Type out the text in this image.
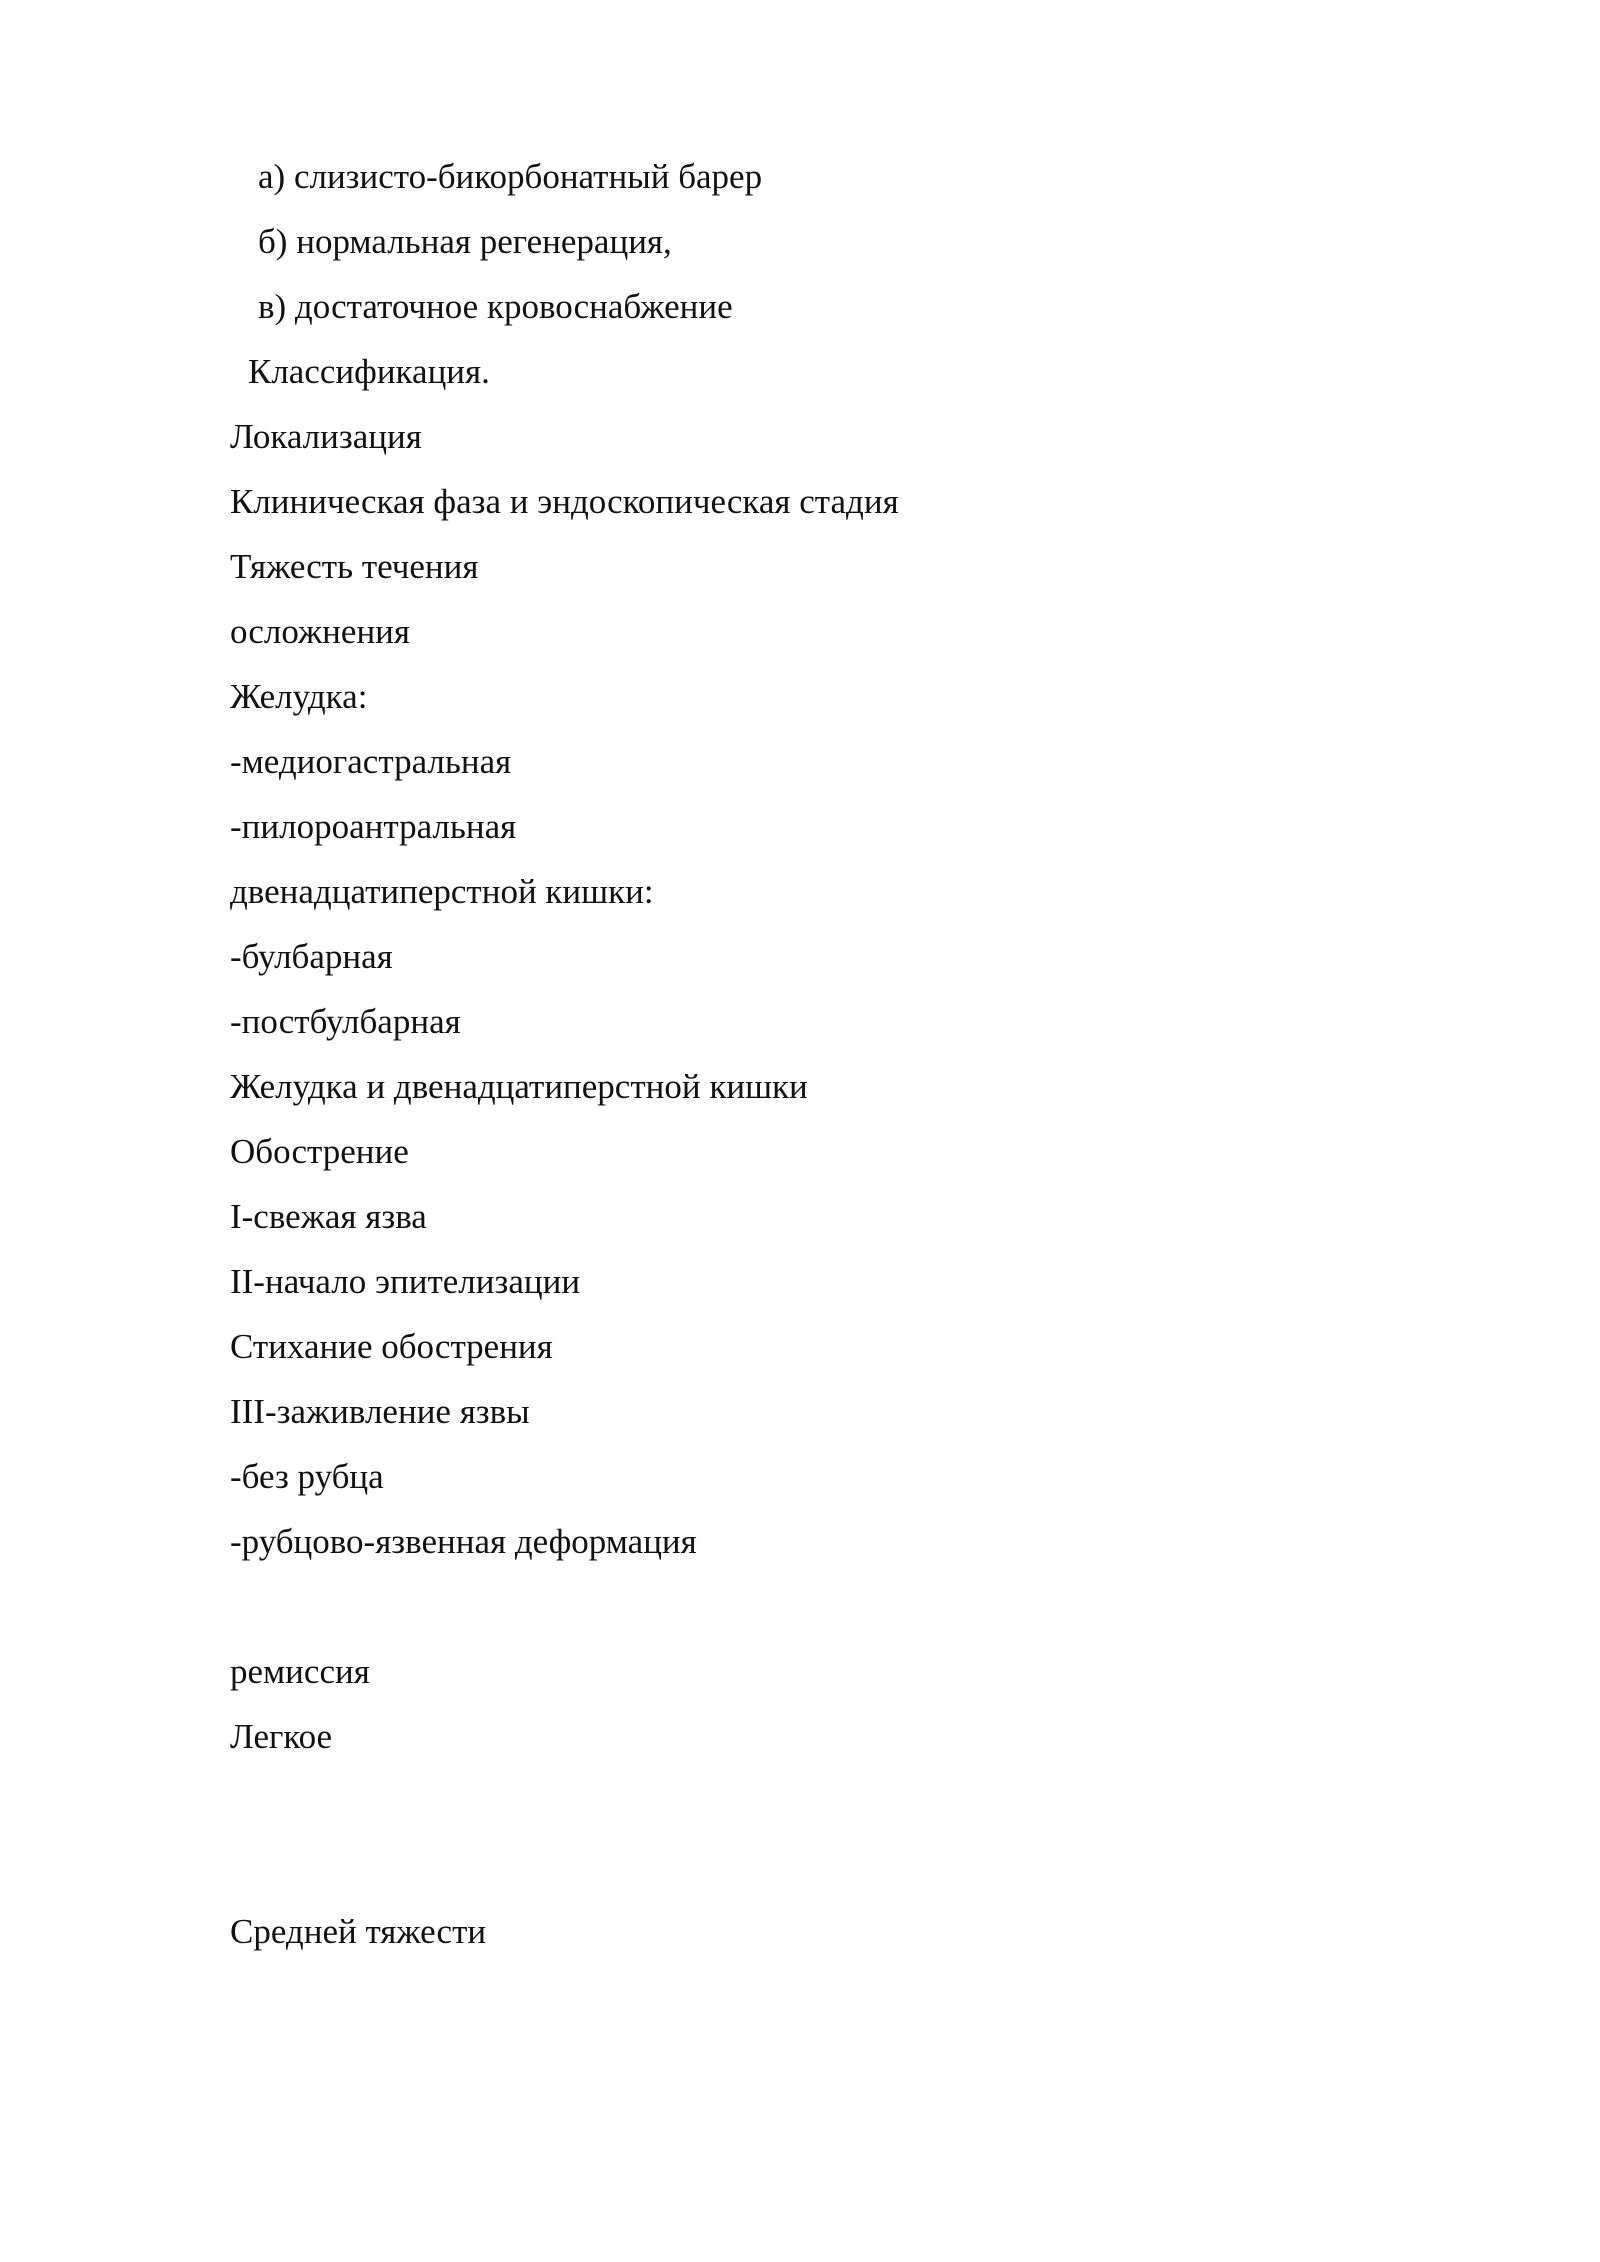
а) слизисто-бикорбонатный барер
б) нормальная регенерация,
в) достаточное кровоснабжение
Классификация.
Локализация
Клиническая фаза и эндоскопическая стадия
Тяжесть течения
осложнения
Желудка:
-медиогастральная
-пилороантральная
двенадцатиперстной кишки:
-булбарная
-постбулбарная
Желудка и двенадцатиперстной кишки
Обострение
I-свежая язва
II-начало эпителизации
Стихание обострения
III-заживление язвы
-без рубца
-рубцово-язвенная деформация
ремиссия
Легкое
Средней тяжести
